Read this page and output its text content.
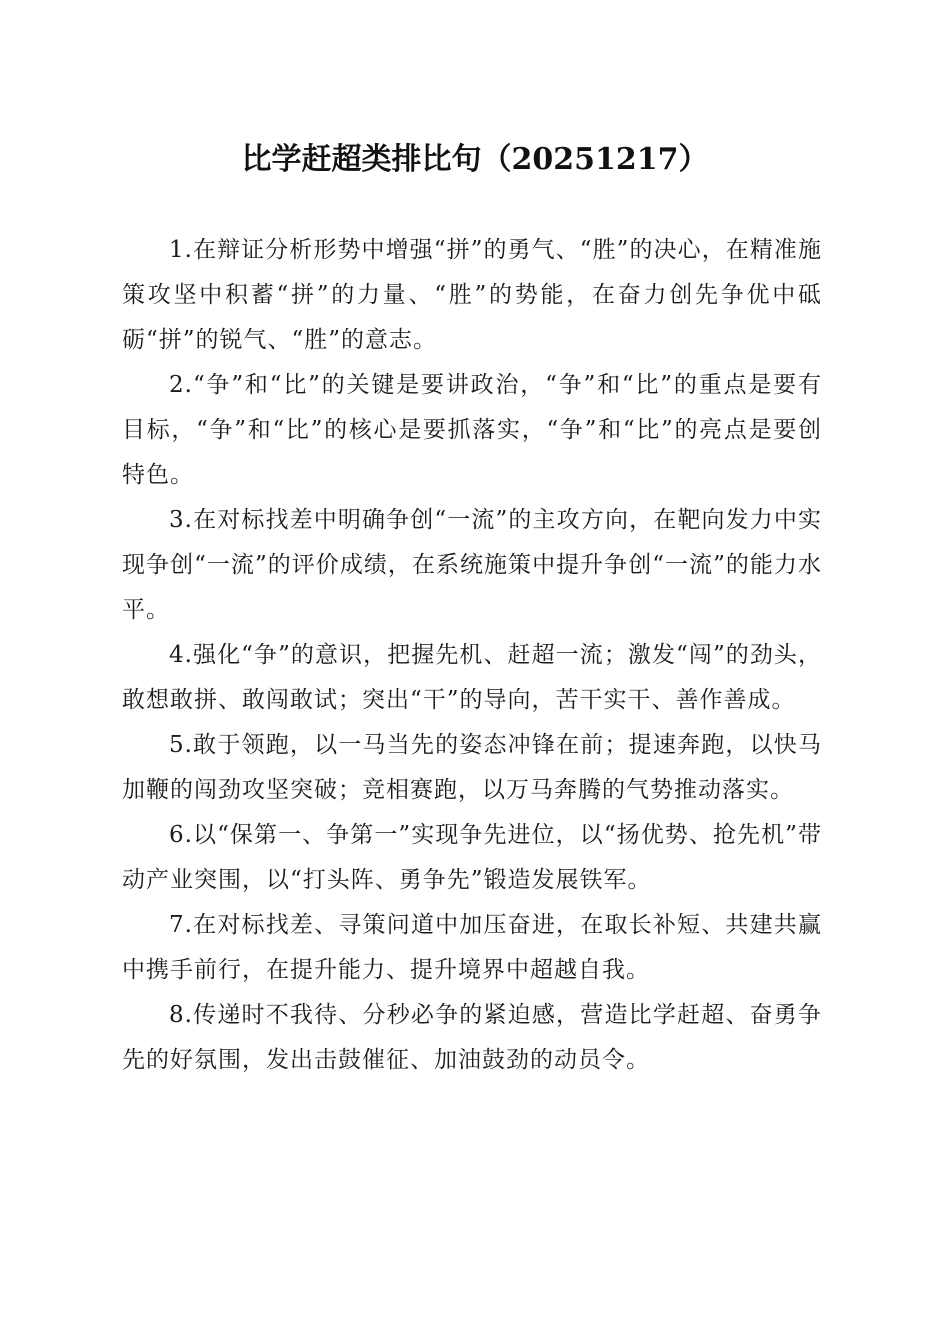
比学赶超类排比句（20251217）

1.在辩证分析形势中增强“拼”的勇气、“胜”的决心，在精准施策攻坚中积蓄“拼”的力量、“胜”的势能，在奋力创先争优中砥砺“拼”的锐气、“胜”的意志。

2.“争”和“比”的关键是要讲政治，“争”和“比”的重点是要有目标，“争”和“比”的核心是要抓落实，“争”和“比”的亮点是要创特色。

3.在对标找差中明确争创“一流”的主攻方向，在靶向发力中实现争创“一流”的评价成绩，在系统施策中提升争创“一流”的能力水平。

4.强化“争”的意识，把握先机、赶超一流；激发“闯”的劲头，敢想敢拼、敢闯敢试；突出“干”的导向，苦干实干、善作善成。

5.敢于领跑，以一马当先的姿态冲锋在前；提速奔跑，以快马加鞭的闯劲攻坚突破；竞相赛跑，以万马奔腾的气势推动落实。

6.以“保第一、争第一”实现争先进位，以“扬优势、抢先机”带动产业突围，以“打头阵、勇争先”锻造发展铁军。

7.在对标找差、寻策问道中加压奋进，在取长补短、共建共赢中携手前行，在提升能力、提升境界中超越自我。

8.传递时不我待、分秒必争的紧迫感，营造比学赶超、奋勇争先的好氛围，发出击鼓催征、加油鼓劲的动员令。
